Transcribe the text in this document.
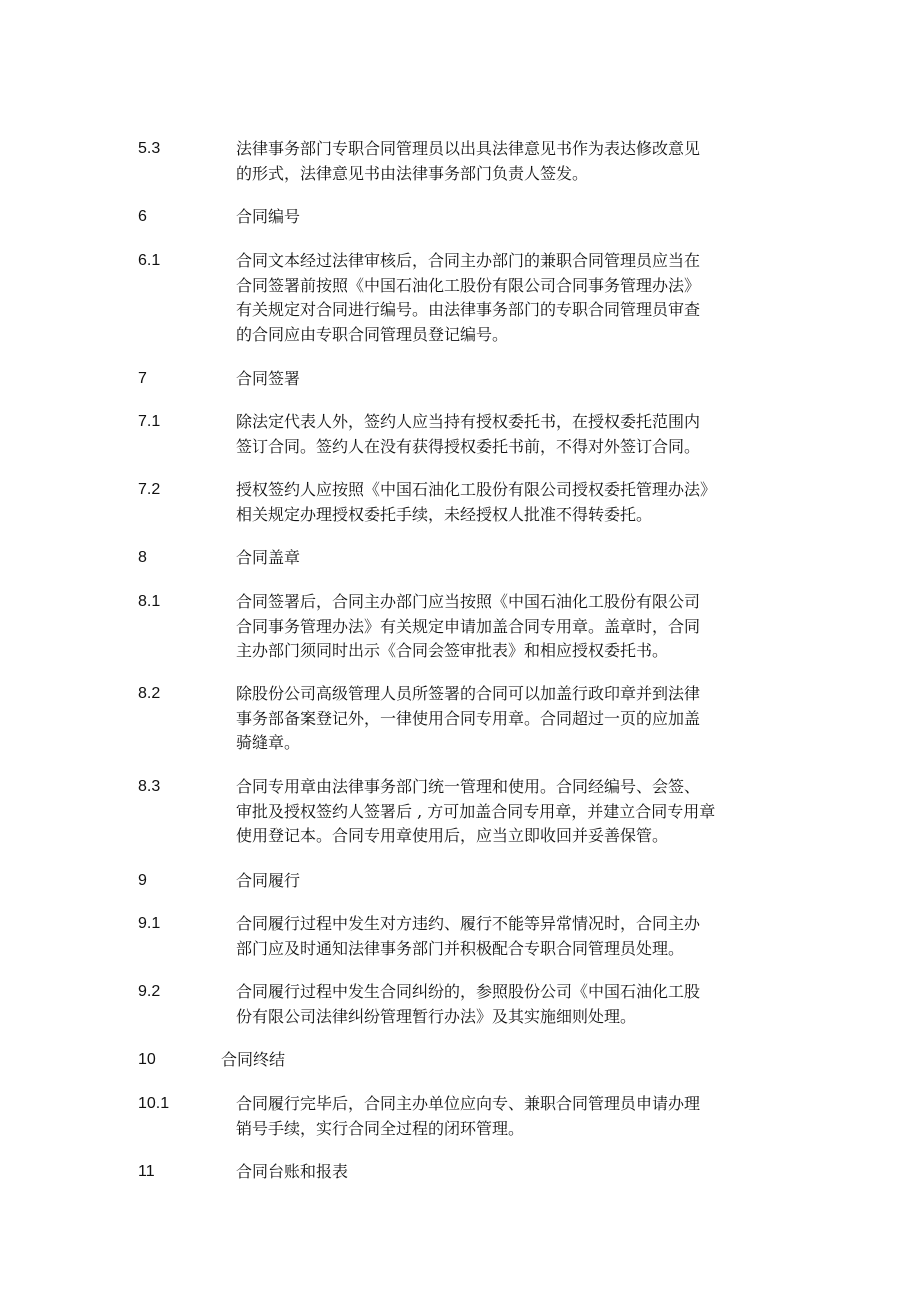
5.3	法律事务部门专职合同管理员以出具法律意见书作为表达修改意见
的形式，法律意见书由法律事务部门负责人签发。
6	合同编号
6.1	合同文本经过法律审核后，合同主办部门的兼职合同管理员应当在
合同签署前按照《中国石油化工股份有限公司合同事务管理办法》
有关规定对合同进行编号。由法律事务部门的专职合同管理员审查
的合同应由专职合同管理员登记编号。
7	合同签署
7.1	除法定代表人外，签约人应当持有授权委托书，在授权委托范围内
签订合同。签约人在没有获得授权委托书前，不得对外签订合同。
7.2	授权签约人应按照《中国石油化工股份有限公司授权委托管理办法》
相关规定办理授权委托手续，未经授权人批准不得转委托。
8	合同盖章
8.1	合同签署后，合同主办部门应当按照《中国石油化工股份有限公司
合同事务管理办法》有关规定申请加盖合同专用章。盖章时，合同
主办部门须同时出示《合同会签审批表》和相应授权委托书。
8.2	除股份公司高级管理人员所签署的合同可以加盖行政印章并到法律
事务部备案登记外，一律使用合同专用章。合同超过一页的应加盖
骑缝章。
8.3	合同专用章由法律事务部门统一管理和使用。合同经编号、会签、
审批及授权签约人签署后 , 方可加盖合同专用章，并建立合同专用章
使用登记本。合同专用章使用后，应当立即收回并妥善保管。
9	合同履行
9.1	合同履行过程中发生对方违约、履行不能等异常情况时，合同主办
部门应及时通知法律事务部门并积极配合专职合同管理员处理。
9.2	合同履行过程中发生合同纠纷的，参照股份公司《中国石油化工股
份有限公司法律纠纷管理暂行办法》及其实施细则处理。
10	合同终结
10.1	合同履行完毕后，合同主办单位应向专、兼职合同管理员申请办理
销号手续，实行合同全过程的闭环管理。
11	合同台账和报表
